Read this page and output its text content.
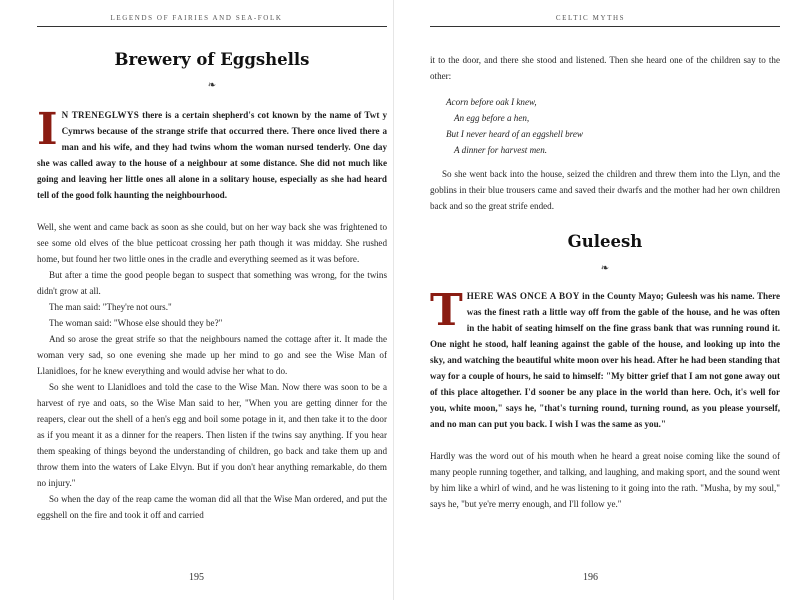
LEGENDS OF FAIRIES AND SEA-FOLK
Brewery of Eggshells
❧

I N TRENEGLWYS there is a certain shepherd's cot known by the name of Twt y Cymrws because of the strange strife that occurred there. There once lived there a man and his wife, and they had twins whom the woman nursed tenderly. One day she was called away to the house of a neighbour at some distance. She did not much like going and leaving her little ones all alone in a solitary house, especially as she had heard tell of the good folk haunting the neighbourhood.

Well, she went and came back as soon as she could, but on her way back she was frightened to see some old elves of the blue petticoat crossing her path though it was midday. She rushed home, but found her two little ones in the cradle and everything seemed as it was before.

But after a time the good people began to suspect that something was wrong, for the twins didn't grow at all.

The man said: "They're not ours."

The woman said: "Whose else should they be?"

And so arose the great strife so that the neighbours named the cottage after it. It made the woman very sad, so one evening she made up her mind to go and see the Wise Man of Llanidloes, for he knew everything and would advise her what to do.

So she went to Llanidloes and told the case to the Wise Man. Now there was soon to be a harvest of rye and oats, so the Wise Man said to her, "When you are getting dinner for the reapers, clear out the shell of a hen's egg and boil some potage in it, and then take it to the door as if you meant it as a dinner for the reapers. Then listen if the twins say anything. If you hear them speaking of things beyond the understanding of children, go back and take them up and throw them into the waters of Lake Elvyn. But if you don't hear anything remarkable, do them no injury."

So when the day of the reap came the woman did all that the Wise Man ordered, and put the eggshell on the fire and took it off and carried

195
CELTIC MYTHS

it to the door, and there she stood and listened. Then she heard one of the children say to the other:

Acorn before oak I knew,
An egg before a hen,
But I never heard of an eggshell brew
A dinner for harvest men.

So she went back into the house, seized the children and threw them into the Llyn, and the goblins in their blue trousers came and saved their dwarfs and the mother had her own children back and so the great strife ended.

Guleesh
❧

THERE WAS ONCE A BOY in the County Mayo; Guleesh was his name. There was the finest rath a little way off from the gable of the house, and he was often in the habit of seating himself on the fine grass bank that was running round it. One night he stood, half leaning against the gable of the house, and looking up into the sky, and watching the beautiful white moon over his head. After he had been standing that way for a couple of hours, he said to himself: "My bitter grief that I am not gone away out of this place altogether. I'd sooner be any place in the world than here. Och, it's well for you, white moon," says he, "that's turning round, turning round, as you please yourself, and no man can put you back. I wish I was the same as you."

Hardly was the word out of his mouth when he heard a great noise coming like the sound of many people running together, and talking, and laughing, and making sport, and the sound went by him like a whirl of wind, and he was listening to it going into the rath. "Musha, by my soul," says he, "but ye're merry enough, and I'll follow ye."

196
